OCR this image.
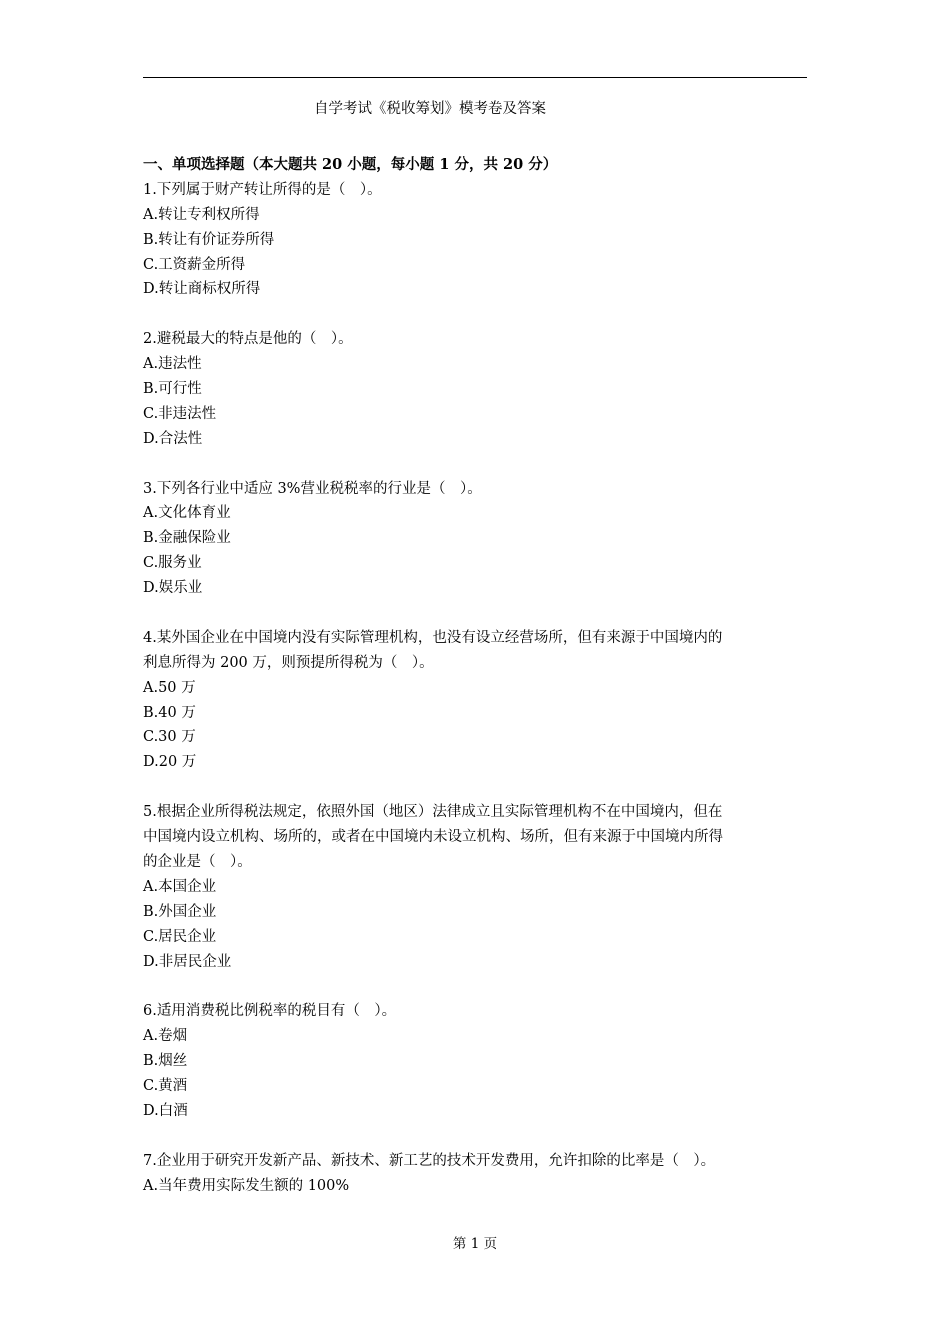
自学考试《税收筹划》模考卷及答案
一、单项选择题（本大题共 20 小题，每小题 1 分，共 20 分）
1.下列属于财产转让所得的是（　）。
A.转让专利权所得
B.转让有价证券所得
C.工资薪金所得
D.转让商标权所得
2.避税最大的特点是他的（　）。
A.违法性
B.可行性
C.非违法性
D.合法性
3.下列各行业中适应 3%营业税税率的行业是（　）。
A.文化体育业
B.金融保险业
C.服务业
D.娱乐业
4.某外国企业在中国境内没有实际管理机构，也没有设立经营场所，但有来源于中国境内的
利息所得为 200 万，则预提所得税为（　）。
A.50 万
B.40 万
C.30 万
D.20 万
5.根据企业所得税法规定，依照外国（地区）法律成立且实际管理机构不在中国境内，但在
中国境内设立机构、场所的，或者在中国境内未设立机构、场所，但有来源于中国境内所得
的企业是（　）。
A.本国企业
B.外国企业
C.居民企业
D.非居民企业
6.适用消费税比例税率的税目有（　）。
A.卷烟
B.烟丝
C.黄酒
D.白酒
7.企业用于研究开发新产品、新技术、新工艺的技术开发费用，允许扣除的比率是（　）。
A.当年费用实际发生额的 100%
第 1 页
